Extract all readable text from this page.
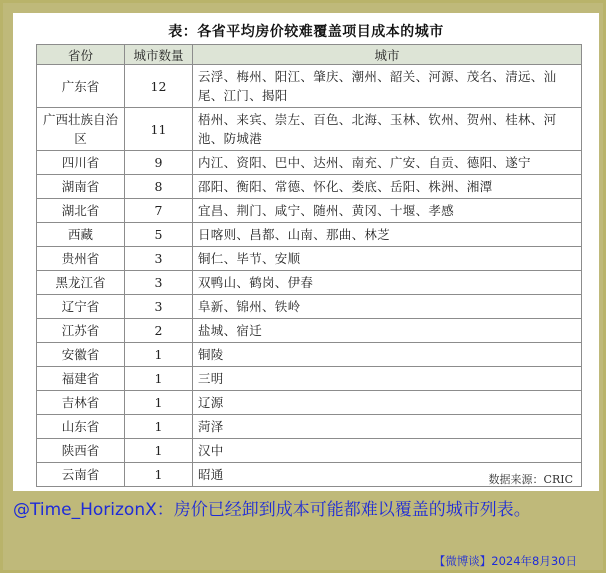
表：各省平均房价较难覆盖项目成本的城市
省份	城市数量	城市
广东省	12	云浮、梅州、阳江、肇庆、潮州、韶关、河源、茂名、清远、汕尾、江门、揭阳
广西壮族自治区	11	梧州、来宾、崇左、百色、北海、玉林、钦州、贺州、桂林、河池、防城港
四川省	9	内江、资阳、巴中、达州、南充、广安、自贡、德阳、遂宁
湖南省	8	邵阳、衡阳、常德、怀化、娄底、岳阳、株洲、湘潭
湖北省	7	宜昌、荆门、咸宁、随州、黄冈、十堰、孝感
西藏	5	日喀则、昌都、山南、那曲、林芝
贵州省	3	铜仁、毕节、安顺
黑龙江省	3	双鸭山、鹤岗、伊春
辽宁省	3	阜新、锦州、铁岭
江苏省	2	盐城、宿迁
安徽省	1	铜陵
福建省	1	三明
吉林省	1	辽源
山东省	1	菏泽
陕西省	1	汉中
云南省	1	昭通	数据来源：CRIC
@Time_HorizonX：房价已经卸到成本可能都难以覆盖的城市列表。
【微博谈】2024年8月30日
